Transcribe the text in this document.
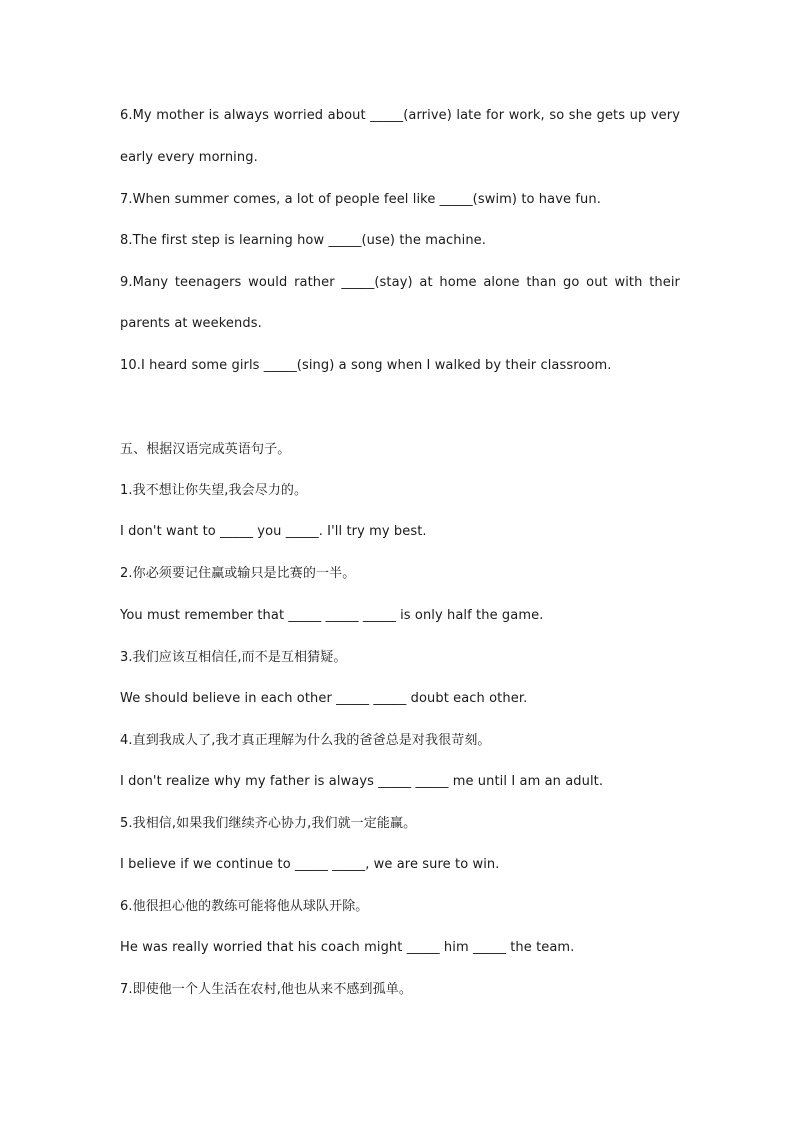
6.My mother is always worried about _____(arrive) late for work, so she gets up very
early every morning.
7.When summer comes, a lot of people feel like _____(swim) to have fun.
8.The first step is learning how _____(use) the machine.
9.Many teenagers would rather _____(stay) at home alone than go out with their
parents at weekends.
10.I heard some girls _____(sing) a song when I walked by their classroom.
五、根据汉语完成英语句子。
1.我不想让你失望,我会尽力的。
I don't want to _____ you _____. I'll try my best.
2.你必须要记住赢或输只是比赛的一半。
You must remember that _____ _____ _____ is only half the game.
3.我们应该互相信任,而不是互相猜疑。
We should believe in each other _____ _____ doubt each other.
4.直到我成人了,我才真正理解为什么我的爸爸总是对我很苛刻。
I don't realize why my father is always _____ _____ me until I am an adult.
5.我相信,如果我们继续齐心协力,我们就一定能赢。
I believe if we continue to _____ _____, we are sure to win.
6.他很担心他的教练可能将他从球队开除。
He was really worried that his coach might _____ him _____ the team.
7.即使他一个人生活在农村,他也从来不感到孤单。
